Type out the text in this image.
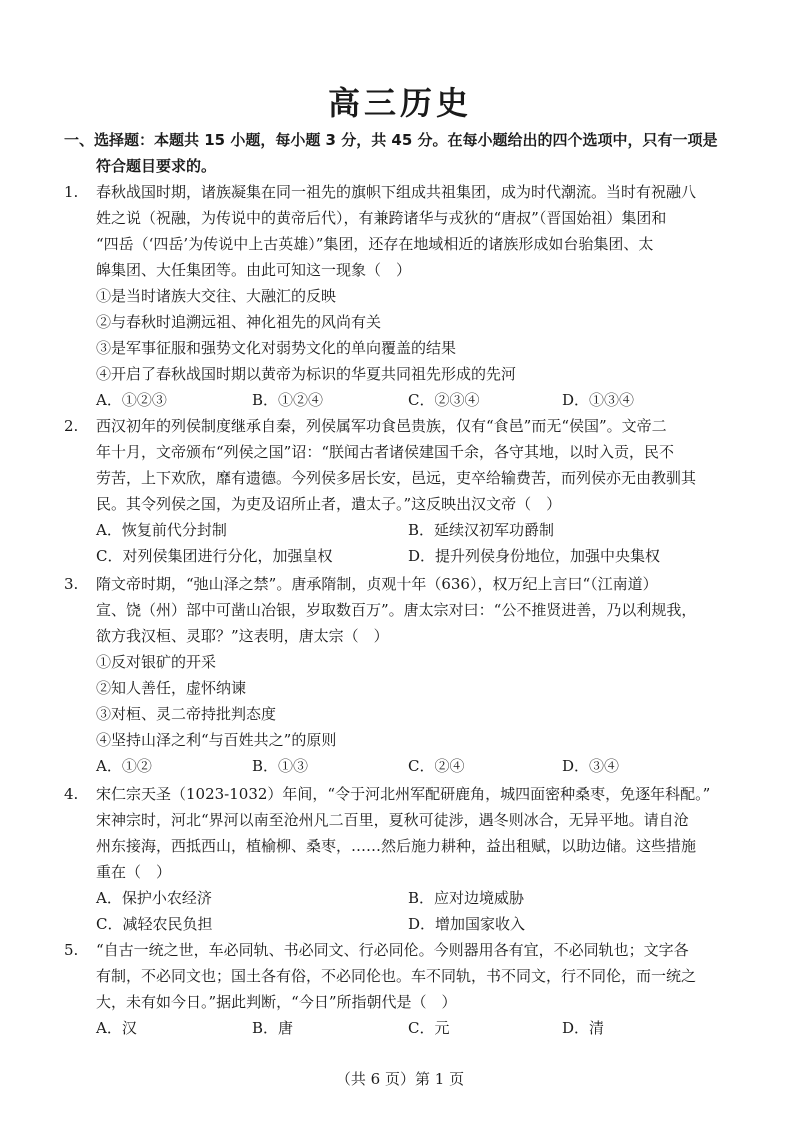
高三历史
一、选择题：本题共 15 小题，每小题 3 分，共 45 分。在每小题给出的四个选项中，只有一项是
符合题目要求的。
1. 春秋战国时期，诸族凝集在同一祖先的旗帜下组成共祖集团，成为时代潮流。当时有祝融八
姓之说（祝融，为传说中的黄帝后代），有兼跨诸华与戎狄的“唐叔”（晋国始祖）集团和
“四岳（‘四岳’为传说中上古英雄）”集团，还存在地域相近的诸族形成如台骀集团、太
皞集团、大任集团等。由此可知这一现象（　）
①是当时诸族大交往、大融汇的反映
②与春秋时追溯远祖、神化祖先的风尚有关
③是军事征服和强势文化对弱势文化的单向覆盖的结果
④开启了春秋战国时期以黄帝为标识的华夏共同祖先形成的先河
A．①②③	B．①②④	C．②③④	D．①③④
2. 西汉初年的列侯制度继承自秦，列侯属军功食邑贵族，仅有“食邑”而无“侯国”。文帝二
年十月，文帝颁布“列侯之国”诏：“朕闻古者诸侯建国千余，各守其地，以时入贡，民不
劳苦，上下欢欣，靡有遗德。今列侯多居长安，邑远，吏卒给输费苦，而列侯亦无由教驯其
民。其令列侯之国，为吏及诏所止者，遣太子。”这反映出汉文帝（　）
A．恢复前代分封制	B．延续汉初军功爵制
C．对列侯集团进行分化，加强皇权	D．提升列侯身份地位，加强中央集权
3. 隋文帝时期，“弛山泽之禁”。唐承隋制，贞观十年（636），权万纪上言曰“（江南道）
宣、饶（州）部中可凿山冶银，岁取数百万”。唐太宗对曰：“公不推贤进善，乃以利规我，
欲方我汉桓、灵耶？”这表明，唐太宗（　）
①反对银矿的开采
②知人善任，虚怀纳谏
③对桓、灵二帝持批判态度
④坚持山泽之利“与百姓共之”的原则
A．①②	B．①③	C．②④	D．③④
4. 宋仁宗天圣（1023-1032）年间，“令于河北州军配研鹿角，城四面密种桑枣，免逐年科配。”
宋神宗时，河北“界河以南至沧州凡二百里，夏秋可徒涉，遇冬则冰合，无异平地。请自沧
州东接海，西抵西山，植榆柳、桑枣，……然后施力耕种，益出租赋，以助边储。这些措施
重在（　）
A．保护小农经济	B．应对边境威胁
C．减轻农民负担	D．增加国家收入
5. “自古一统之世，车必同轨、书必同文、行必同伦。今则器用各有宜，不必同轨也；文字各
有制，不必同文也；国土各有俗，不必同伦也。车不同轨，书不同文，行不同伦，而一统之
大，未有如今日。”据此判断，“今日”所指朝代是（　）
A．汉	B．唐	C．元	D．清
（共 6 页）第 1 页
